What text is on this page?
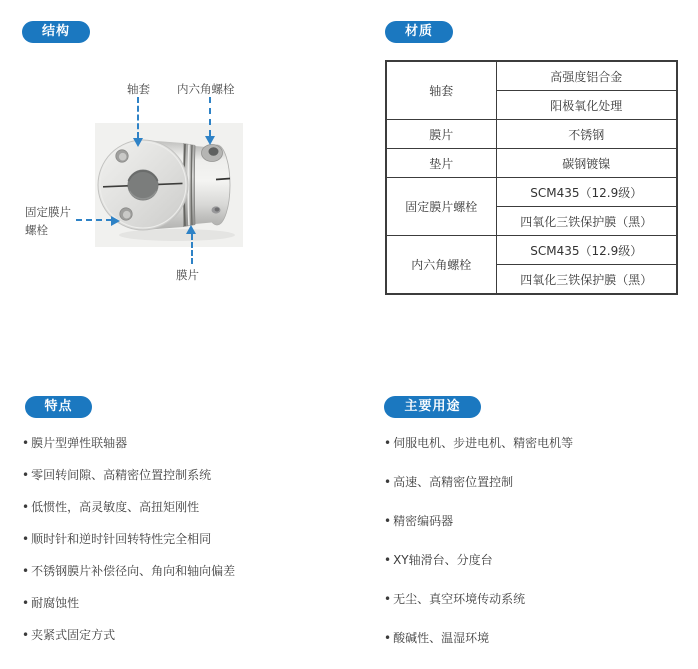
结构	材质
特点	主要用途
轴套 内六角螺栓
固定膜片
螺栓
膜片
轴套	高强度铝合金
	阳极氧化处理
膜片	不锈钢
垫片	碳钢镀镍
固定膜片螺栓	SCM435（12.9级）
	四氧化三铁保护膜（黑）
内六角螺栓	SCM435（12.9级）
	四氧化三铁保护膜（黑）
• 膜片型弹性联轴器
• 零回转间隙、高精密位置控制系统
• 低惯性，高灵敏度、高扭矩刚性
• 顺时针和逆时针回转特性完全相同
• 不锈钢膜片补偿径向、角向和轴向偏差
• 耐腐蚀性
• 夹紧式固定方式
• 伺服电机、步进电机、精密电机等
• 高速、高精密位置控制
• 精密编码器
• XY轴滑台、分度台
• 无尘、真空环境传动系统
• 酸碱性、温湿环境
